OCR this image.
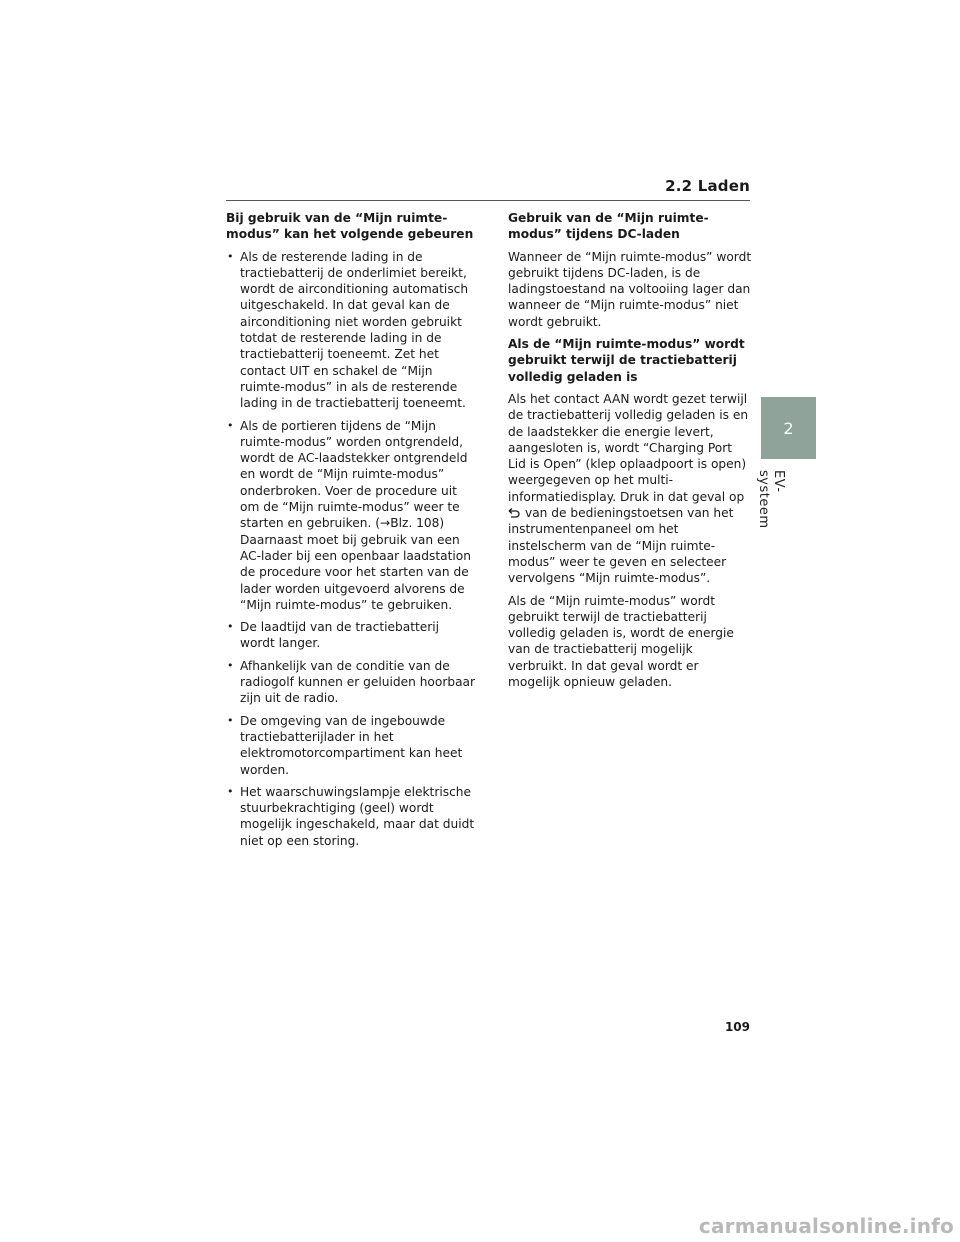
2.2 Laden
Bij gebruik van de “Mijn ruimte-modus” kan het volgende gebeuren
• Als de resterende lading in de tractiebatterij de onderlimiet bereikt, wordt de airconditioning automatisch uitgeschakeld. In dat geval kan de airconditioning niet worden gebruikt totdat de resterende lading in de tractiebatterij toeneemt. Zet het contact UIT en schakel de “Mijn ruimte-modus” in als de resterende lading in de tractiebatterij toeneemt.
• Als de portieren tijdens de “Mijn ruimte-modus” worden ontgrendeld, wordt de AC-laadstekker ontgrendeld en wordt de “Mijn ruimte-modus” onderbroken. Voer de procedure uit om de “Mijn ruimte-modus” weer te starten en gebruiken. (→Blz. 108) Daarnaast moet bij gebruik van een AC-lader bij een openbaar laadstation de procedure voor het starten van de lader worden uitgevoerd alvorens de “Mijn ruimte-modus” te gebruiken.
• De laadtijd van de tractiebatterij wordt langer.
• Afhankelijk van de conditie van de radiogolf kunnen er geluiden hoorbaar zijn uit de radio.
• De omgeving van de ingebouwde tractiebatterijlader in het elektromotorcompartiment kan heet worden.
• Het waarschuwingslampje elektrische stuurbekrachtiging (geel) wordt mogelijk ingeschakeld, maar dat duidt niet op een storing.
Gebruik van de “Mijn ruimte-modus” tijdens DC-laden
Wanneer de “Mijn ruimte-modus” wordt gebruikt tijdens DC-laden, is de ladingstoestand na voltooiing lager dan wanneer de “Mijn ruimte-modus” niet wordt gebruikt.
Als de “Mijn ruimte-modus” wordt gebruikt terwijl de tractiebatterij volledig geladen is
Als het contact AAN wordt gezet terwijl de tractiebatterij volledig geladen is en de laadstekker die energie levert, aangesloten is, wordt “Charging Port Lid is Open” (klep oplaadpoort is open) weergegeven op het multi-informatiedisplay. Druk in dat geval op
van de bedieningstoetsen van het instrumentenpaneel om het instelscherm van de “Mijn ruimte-modus” weer te geven en selecteer vervolgens “Mijn ruimte-modus”.
Als de “Mijn ruimte-modus” wordt gebruikt terwijl de tractiebatterij volledig geladen is, wordt de energie van de tractiebatterij mogelijk verbruikt. In dat geval wordt er mogelijk opnieuw geladen.
2
EV-systeem
109
carmanualsonline.info
